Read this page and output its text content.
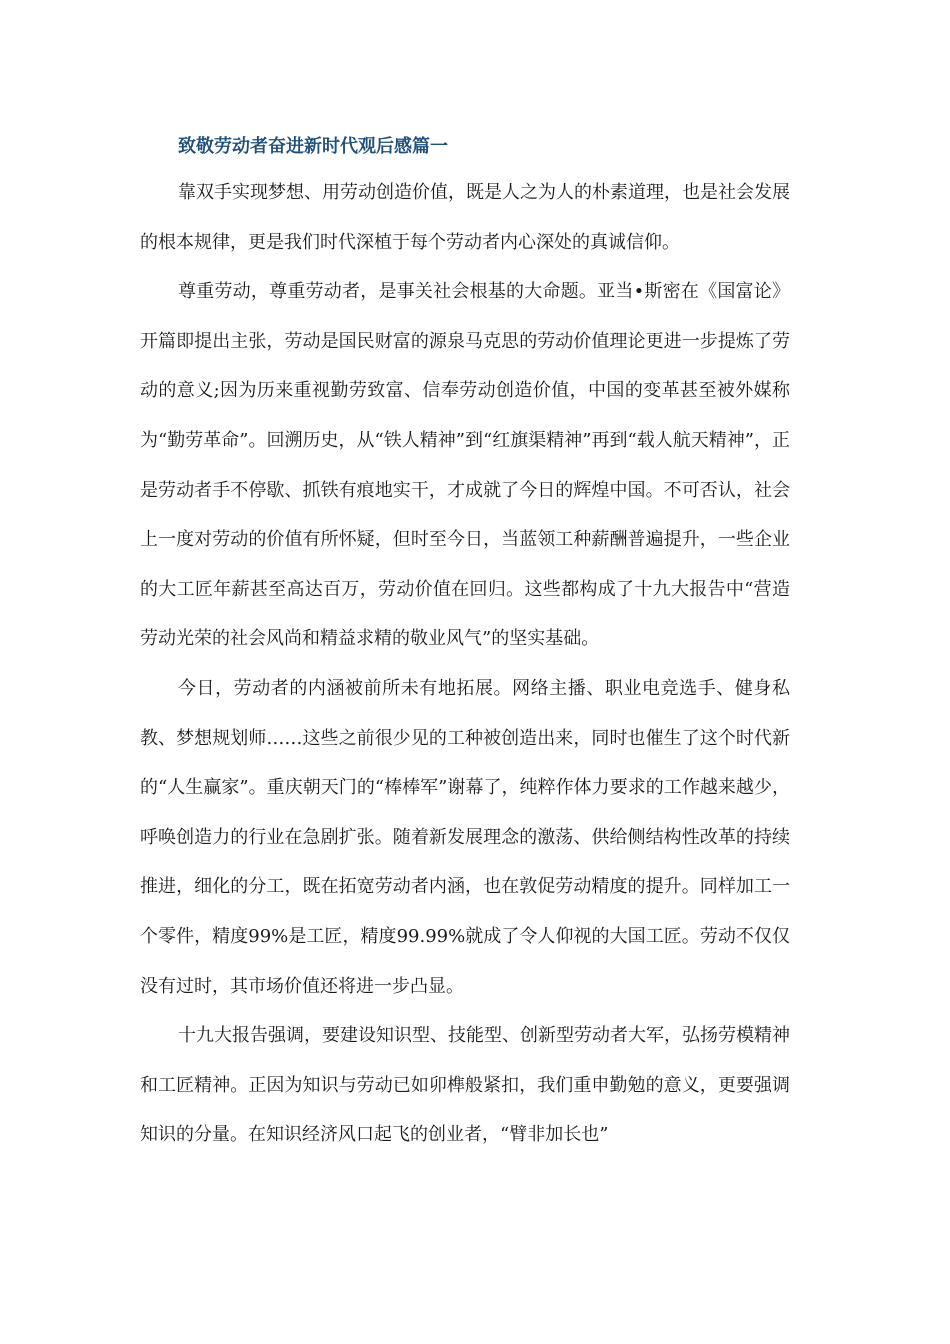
致敬劳动者奋进新时代观后感篇一

靠双手实现梦想、用劳动创造价值，既是人之为人的朴素道理，也是社会发展的根本规律，更是我们时代深植于每个劳动者内心深处的真诚信仰。

尊重劳动，尊重劳动者，是事关社会根基的大命题。亚当•斯密在《国富论》开篇即提出主张，劳动是国民财富的源泉马克思的劳动价值理论更进一步提炼了劳动的意义;因为历来重视勤劳致富、信奉劳动创造价值，中国的变革甚至被外媒称为“勤劳革命”。回溯历史，从“铁人精神”到“红旗渠精神”再到“载人航天精神”，正是劳动者手不停歇、抓铁有痕地实干，才成就了今日的辉煌中国。不可否认，社会上一度对劳动的价值有所怀疑，但时至今日，当蓝领工种薪酬普遍提升，一些企业的大工匠年薪甚至高达百万，劳动价值在回归。这些都构成了十九大报告中“营造劳动光荣的社会风尚和精益求精的敬业风气”的坚实基础。

今日，劳动者的内涵被前所未有地拓展。网络主播、职业电竞选手、健身私教、梦想规划师……这些之前很少见的工种被创造出来，同时也催生了这个时代新的“人生赢家”。重庆朝天门的“棒棒军”谢幕了，纯粹作体力要求的工作越来越少，呼唤创造力的行业在急剧扩张。随着新发展理念的激荡、供给侧结构性改革的持续推进，细化的分工，既在拓宽劳动者内涵，也在敦促劳动精度的提升。同样加工一个零件，精度99%是工匠，精度99.99%就成了令人仰视的大国工匠。劳动不仅仅没有过时，其市场价值还将进一步凸显。

十九大报告强调，要建设知识型、技能型、创新型劳动者大军，弘扬劳模精神和工匠精神。正因为知识与劳动已如卯榫般紧扣，我们重申勤勉的意义，更要强调知识的分量。在知识经济风口起飞的创业者，“臂非加长也”
